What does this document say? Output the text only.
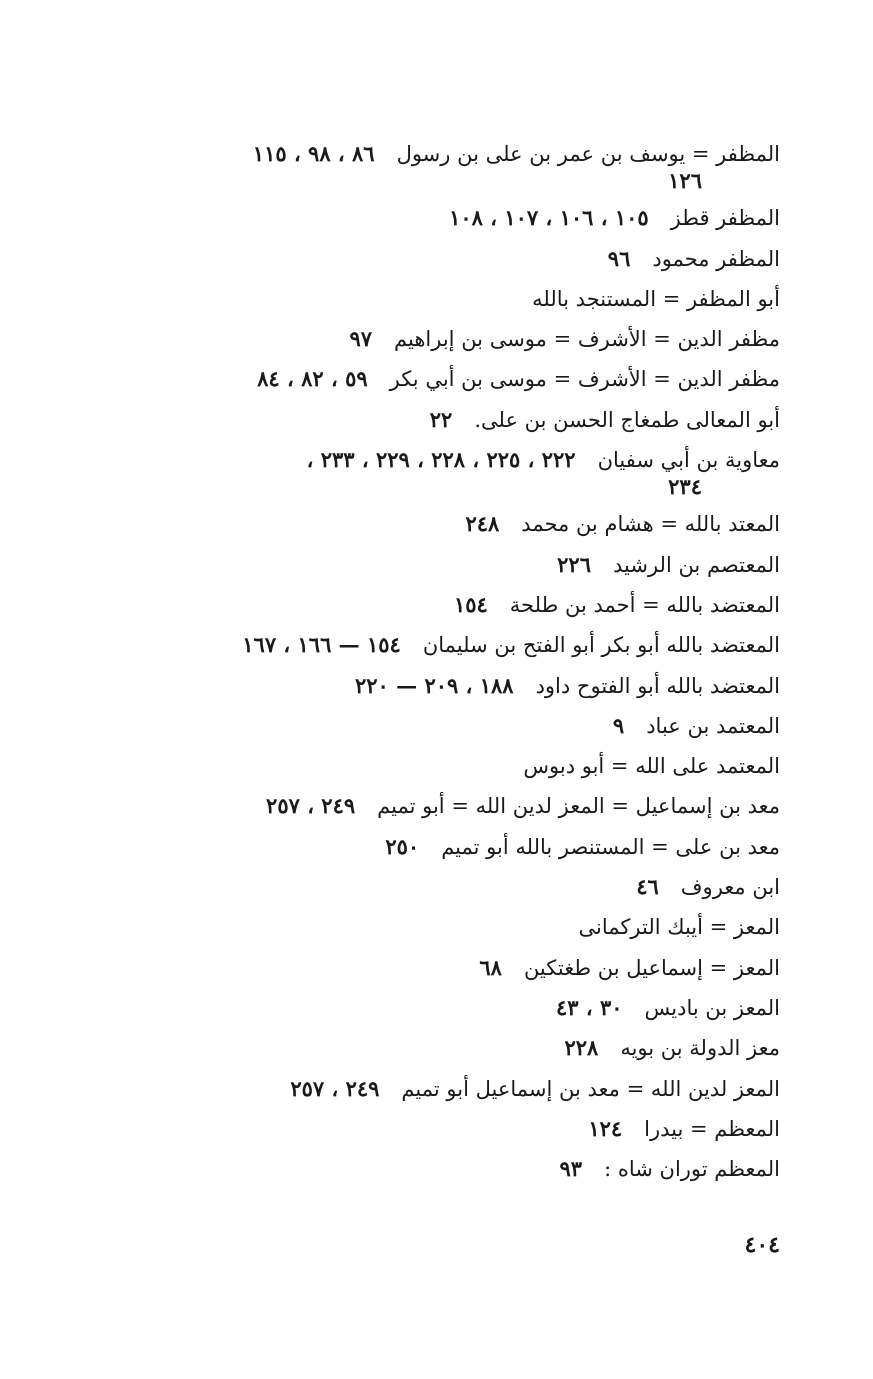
المظفر = يوسف بن عمر بن على بن رسول٨٦ ، ٩٨ ، ١١٥
١٢٦
المظفر قطز١٠٥ ، ١٠٦ ، ١٠٧ ، ١٠٨
المظفر محمود٩٦
أبو المظفر = المستنجد بالله
مظفر الدين = الأشرف = موسى بن إبراهيم٩٧
مظفر الدين = الأشرف = موسى بن أبي بكر٥٩ ، ٨٢ ، ٨٤
أبو المعالى طمغاج الحسن بن على.٢٢
معاوية بن أبي سفيان٢٢٢ ، ٢٢٥ ، ٢٢٨ ، ٢٢٩ ، ٢٣٣ ،
٢٣٤
المعتد بالله = هشام بن محمد٢٤٨
المعتصم بن الرشيد٢٢٦
المعتضد بالله = أحمد بن طلحة١٥٤
المعتضد بالله أبو بكر أبو الفتح بن سليمان١٥٤ — ١٦٦ ، ١٦٧
المعتضد بالله أبو الفتوح داود١٨٨ ، ٢٠٩ — ٢٢٠
المعتمد بن عباد٩
المعتمد على الله = أبو دبوس
معد بن إسماعيل = المعز لدين الله = أبو تميم٢٤٩ ، ٢٥٧
معد بن على = المستنصر بالله أبو تميم٢٥٠
ابن معروف٤٦
المعز = أيبك التركمانى
المعز = إسماعيل بن طغتكين٦٨
المعز بن باديس٣٠ ، ٤٣
معز الدولة بن بويه٢٢٨
المعز لدين الله = معد بن إسماعيل أبو تميم٢٤٩ ، ٢٥٧
المعظم = بيدرا١٢٤
المعظم توران شاه :٩٣
٤٠٤
